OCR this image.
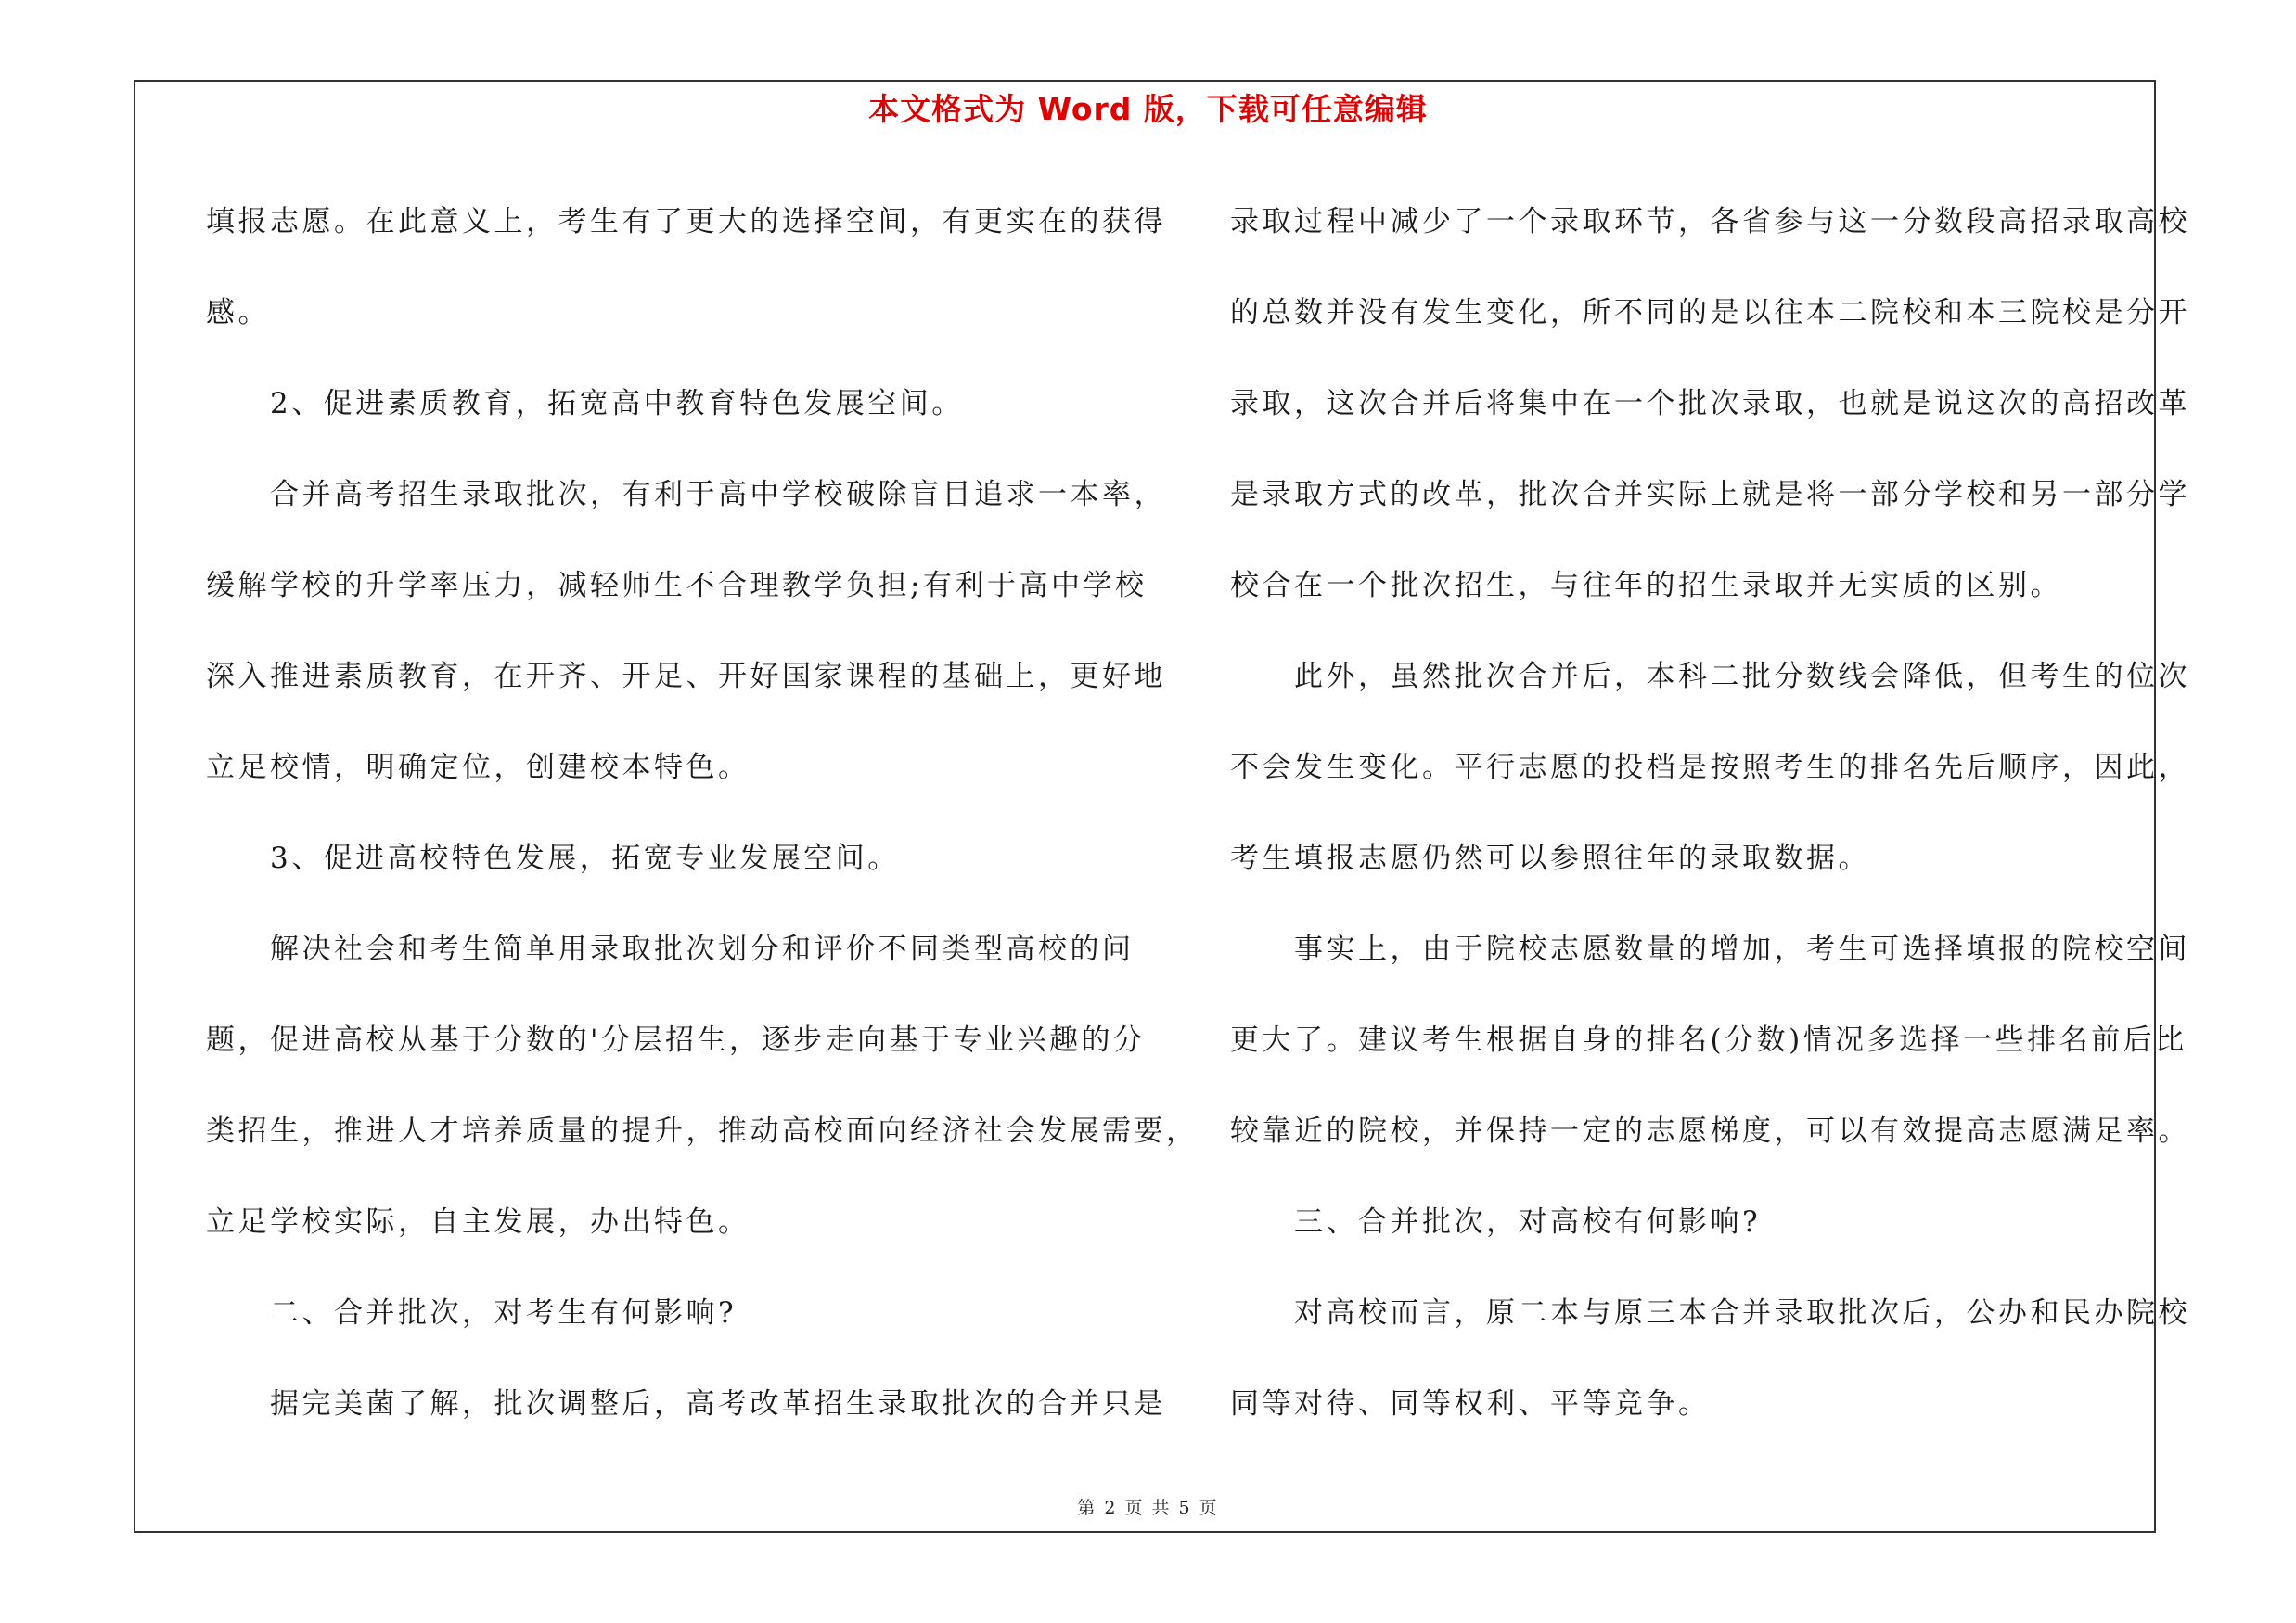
本文格式为 Word 版，下载可任意编辑
填报志愿。在此意义上，考生有了更大的选择空间，有更实在的获得
感。
　　2、促进素质教育，拓宽高中教育特色发展空间。
　　合并高考招生录取批次，有利于高中学校破除盲目追求一本率，
缓解学校的升学率压力，减轻师生不合理教学负担;有利于高中学校
深入推进素质教育，在开齐、开足、开好国家课程的基础上，更好地
立足校情，明确定位，创建校本特色。
　　3、促进高校特色发展，拓宽专业发展空间。
　　解决社会和考生简单用录取批次划分和评价不同类型高校的问
题，促进高校从基于分数的'分层招生，逐步走向基于专业兴趣的分
类招生，推进人才培养质量的提升，推动高校面向经济社会发展需要，
立足学校实际，自主发展，办出特色。
　　二、合并批次，对考生有何影响?
　　据完美菌了解，批次调整后，高考改革招生录取批次的合并只是
录取过程中减少了一个录取环节，各省参与这一分数段高招录取高校
的总数并没有发生变化，所不同的是以往本二院校和本三院校是分开
录取，这次合并后将集中在一个批次录取，也就是说这次的高招改革
是录取方式的改革，批次合并实际上就是将一部分学校和另一部分学
校合在一个批次招生，与往年的招生录取并无实质的区别。
　　此外，虽然批次合并后，本科二批分数线会降低，但考生的位次
不会发生变化。平行志愿的投档是按照考生的排名先后顺序，因此，
考生填报志愿仍然可以参照往年的录取数据。
　　事实上，由于院校志愿数量的增加，考生可选择填报的院校空间
更大了。建议考生根据自身的排名(分数)情况多选择一些排名前后比
较靠近的院校，并保持一定的志愿梯度，可以有效提高志愿满足率。
　　三、合并批次，对高校有何影响?
　　对高校而言，原二本与原三本合并录取批次后，公办和民办院校
同等对待、同等权利、平等竞争。
第 2 页 共 5 页
